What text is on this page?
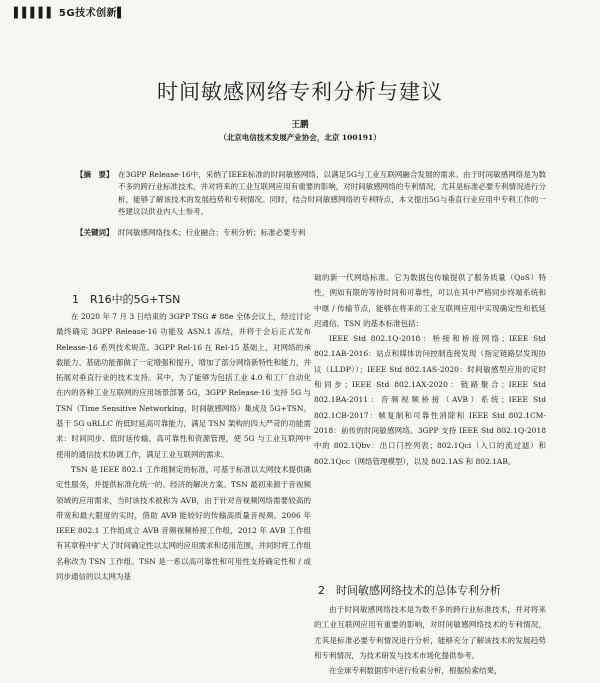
▌▌▌▌▌ 5G技术创新▌
时间敏感网络专利分析与建议
王鹏
（北京电信技术发展产业协会，北京 100191）
【摘　要】 在3GPP Release-16中，采纳了IEEE标准的时间敏感网络，以满足5G与工业互联网融合发展的需求。由于时间敏感网络是为数不多的跨行业标准技术，并对将来的工业互联网应用有重要的影响，对时间敏感网络的专利情况，尤其是标准必要专利情况进行分析，能够了解该技术的发展趋势和专利情况。同时，结合时间敏感网络的专利特点，本文提出5G与垂直行业应用中专利工作的一些建议以供业内人士参考。
【关键词】 时间敏感网络技术；行业融合；专利分析；标准必要专利
1　R16中的5G+TSN

在 2020 年 7 月 3 日结束的 3GPP TSG # 88e 全体会议上，经过讨论最终确定 3GPP Release-16 功能及 ASN.1 冻结，并将于会后正式发布 Release-16 系列技术规范。3GPP Rel-16 在 Rel-15 基础上，对网络的承载能力、基础功能都做了一定增强和提升，增加了部分网络新特性和能力，并拓展对垂直行业的技术支持。其中，为了能够为包括工业 4.0 和工厂自动化在内的各种工业互联网的应用场景部署 5G，3GPP Release-16 支持 5G 与 TSN（Time Sensitive Networking，时间敏感网络）集成及 5G+TSN。基于 5G uRLLC 的低时延高可靠能力，满足 TSN 架构的四大严苛的功能需求：时间同步、低时延传输、高可靠性和资源管理，使 5G 与工业互联网中使用的通信技术协调工作，满足工业互联网的需求。

TSN 是 IEEE 802.1 工作组制定的标准，可基于标准以太网技术提供确定性服务，并提供标准化统一的、经济的解决方案。TSN 最初来源于音视频领域的应用需求，当时该技术被称为 AVB，由于针对音视频网络需要较高的带宽和最大限度的实时，借助 AVB 能较好的传输高质量音视频。2006 年 IEEE 802.1 工作组成立 AVB 音频视频桥接工作组，2012 年 AVB 工作组有其章程中扩大了时间确定性以太网的应用需求和适用范围，并同时将工作组名称改为 TSN 工作组。TSN 是一系以高可靠性和可用性支持确定性和 / 或同步通信的以太网为基

础的新一代网络标准。它为数据包传输提供了服务质量（QoS）特性，例如有限的等待时间和可靠性，可以在其中严格同步终端系统和中继 / 传输节点，能够在将来的工业互联网应用中实现确定性和低延迟通信。TSN 的基本标准包括：

IEEE Std 802.1Q-2018：桥接和桥接网络；IEEE Std 802.1AB-2016：站点和媒体访问控制连接发现（指定链路层发现协议（LLDP））；IEEE Std 802.1AS-2020：时间敏感型应用的定时和同步；IEEE Std 802.1AX-2020：链路聚合；IEEE Std 802.1BA-2011：音频视频桥接（AVB）系统；IEEE Std 802.1CB-2017：帧复制和可靠性消除和 IEEE Std 802.1CM-2018：前传的时间敏感网络。3GPP 支持 IEEE Std 802.1Q-2018 中的 802.1Qbv：出口门控列表；802.1Qci（入口的流过滤）和 802.1Qcc（网络管理模型），以及 802.1AS 和 802.1AB。

2　时间敏感网络技术的总体专利分析

由于时间敏感网络技术是为数不多的跨行业标准技术，并对将来的工业互联网应用有重要的影响，对时间敏感网络技术的专利情况，尤其是标准必要专利情况进行分析，能够充分了解该技术的发展趋势和专利情况，为技术研发与技术市场化提供参考。

在全球专利数据库中进行检索分析，根据检索结果，
